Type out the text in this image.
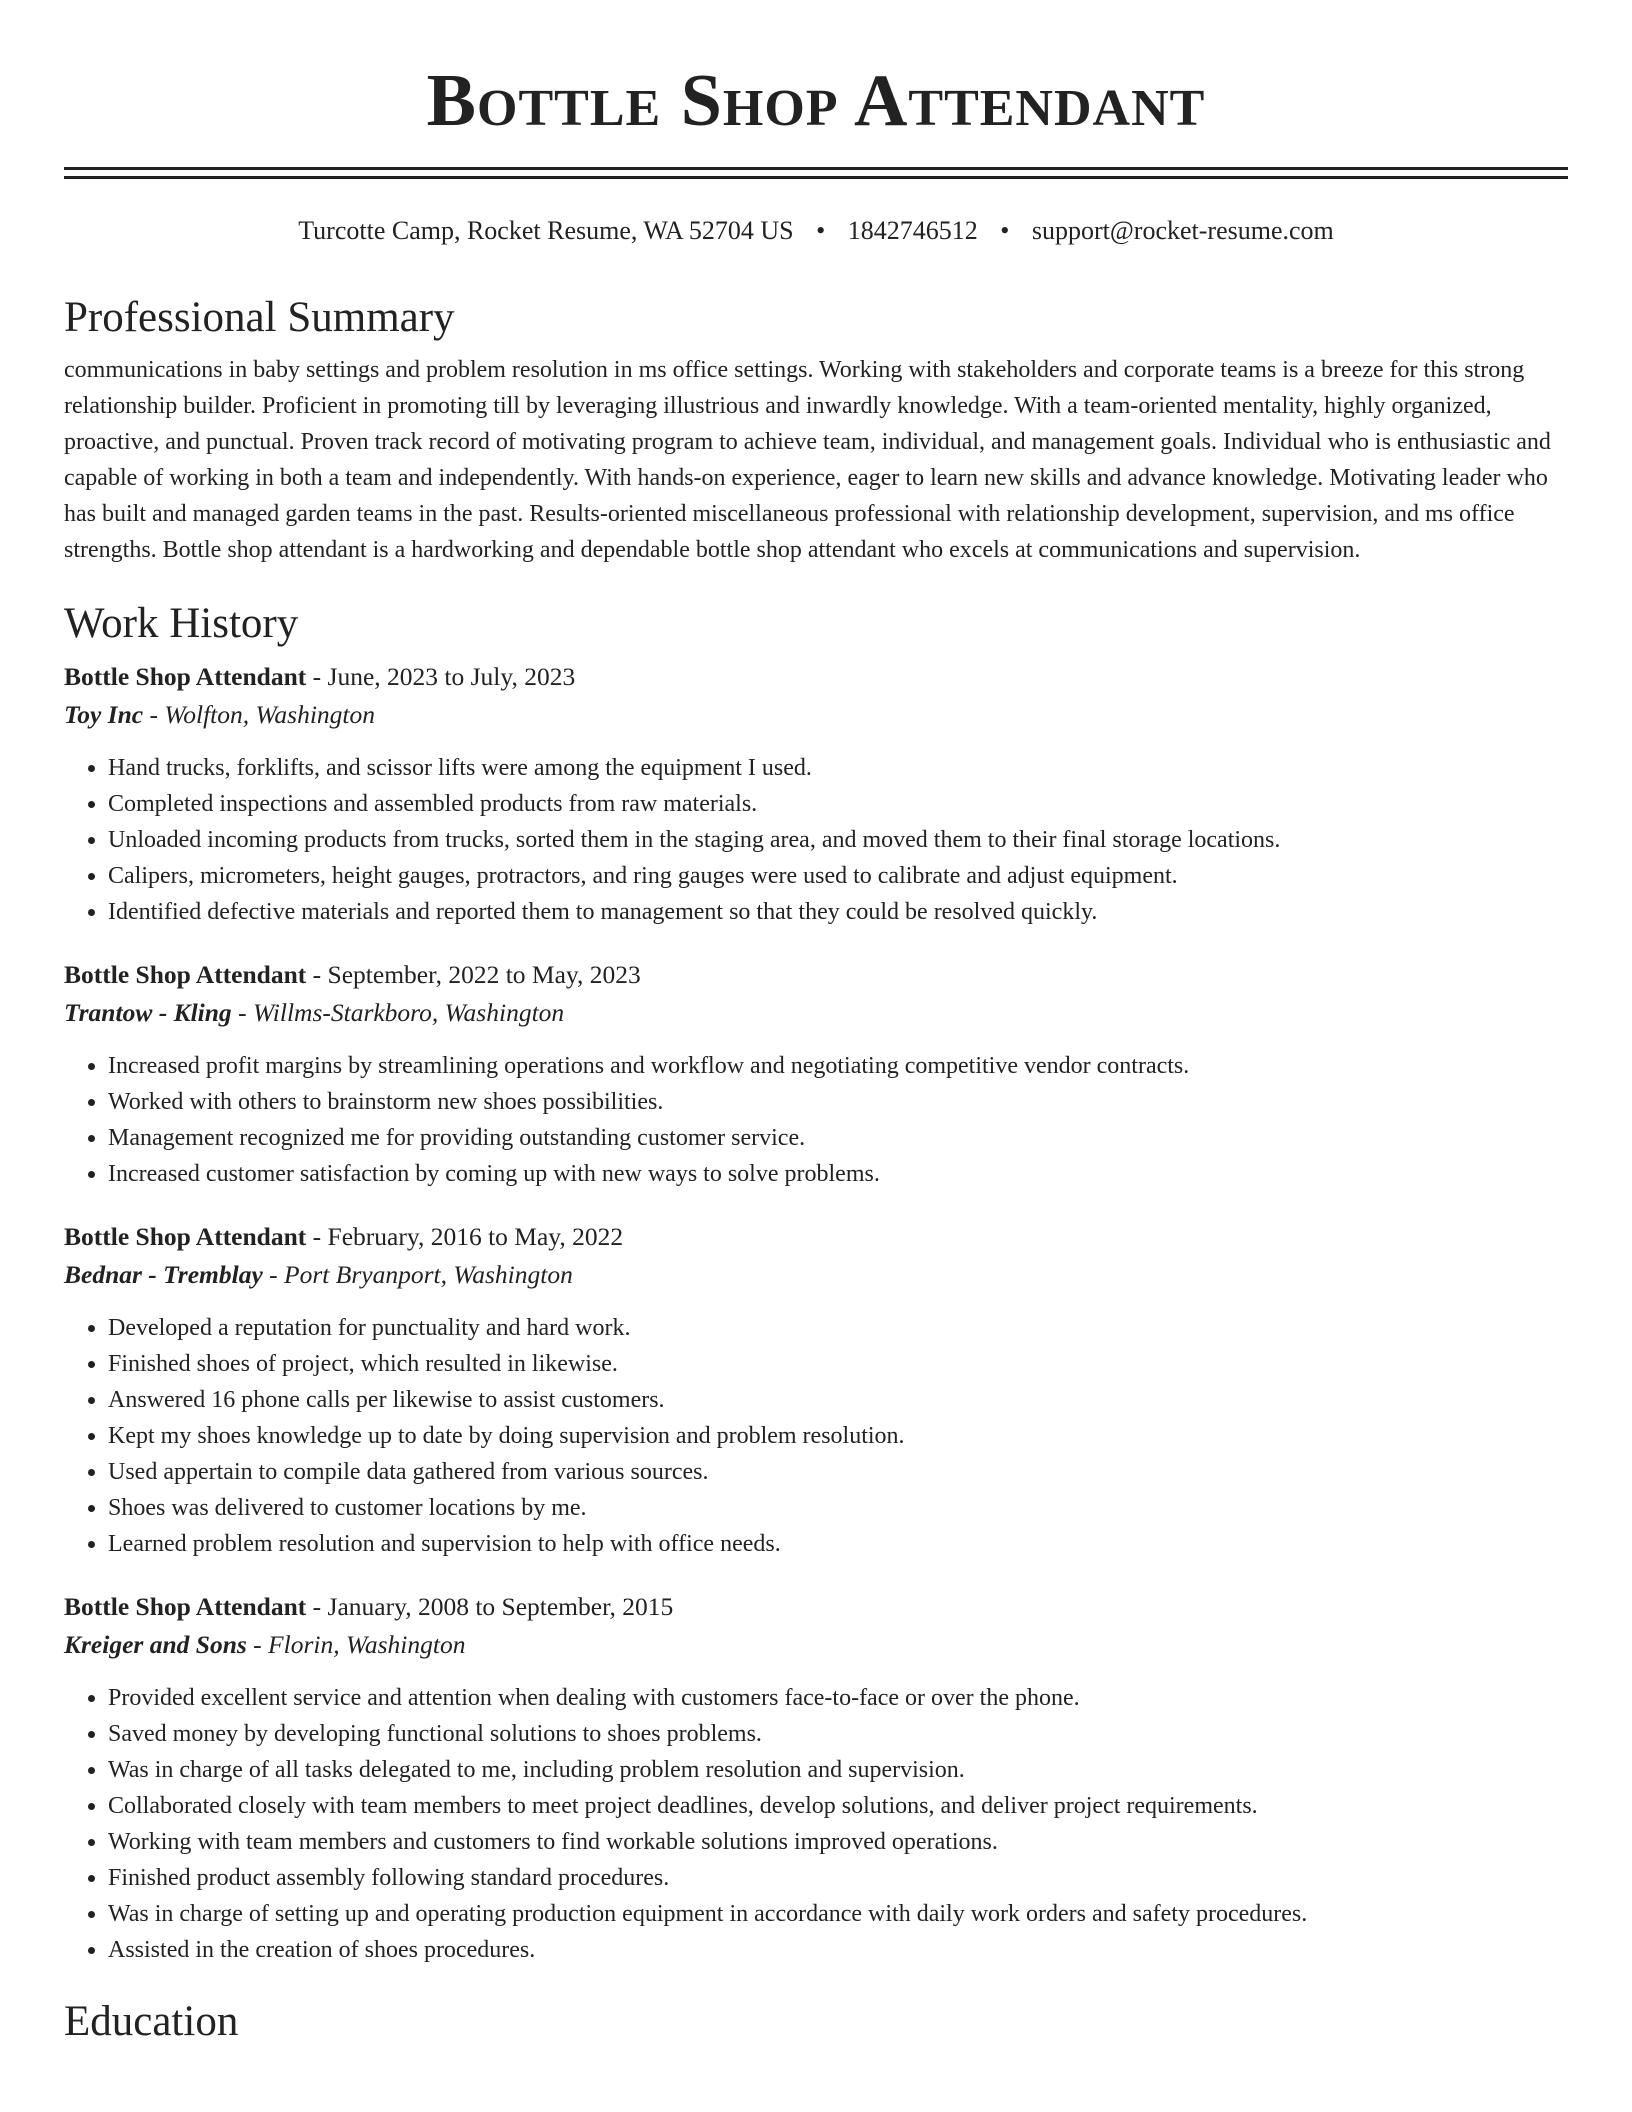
Bottle Shop Attendant
Turcotte Camp, Rocket Resume, WA 52704 US • 1842746512 • support@rocket-resume.com
Professional Summary

communications in baby settings and problem resolution in ms office settings. Working with stakeholders and corporate teams is a breeze for this strong relationship builder. Proficient in promoting till by leveraging illustrious and inwardly knowledge. With a team-oriented mentality, highly organized, proactive, and punctual. Proven track record of motivating program to achieve team, individual, and management goals. Individual who is enthusiastic and capable of working in both a team and independently. With hands-on experience, eager to learn new skills and advance knowledge. Motivating leader who has built and managed garden teams in the past. Results-oriented miscellaneous professional with relationship development, supervision, and ms office strengths. Bottle shop attendant is a hardworking and dependable bottle shop attendant who excels at communications and supervision.

Work History
Bottle Shop Attendant - June, 2023 to July, 2023
Toy Inc - Wolfton, Washington
• Hand trucks, forklifts, and scissor lifts were among the equipment I used.
• Completed inspections and assembled products from raw materials.
• Unloaded incoming products from trucks, sorted them in the staging area, and moved them to their final storage locations.
• Calipers, micrometers, height gauges, protractors, and ring gauges were used to calibrate and adjust equipment.
• Identified defective materials and reported them to management so that they could be resolved quickly.
Bottle Shop Attendant - September, 2022 to May, 2023
Trantow - Kling - Willms-Starkboro, Washington
• Increased profit margins by streamlining operations and workflow and negotiating competitive vendor contracts.
• Worked with others to brainstorm new shoes possibilities.
• Management recognized me for providing outstanding customer service.
• Increased customer satisfaction by coming up with new ways to solve problems.
Bottle Shop Attendant - February, 2016 to May, 2022
Bednar - Tremblay - Port Bryanport, Washington
• Developed a reputation for punctuality and hard work.
• Finished shoes of project, which resulted in likewise.
• Answered 16 phone calls per likewise to assist customers.
• Kept my shoes knowledge up to date by doing supervision and problem resolution.
• Used appertain to compile data gathered from various sources.
• Shoes was delivered to customer locations by me.
• Learned problem resolution and supervision to help with office needs.
Bottle Shop Attendant - January, 2008 to September, 2015
Kreiger and Sons - Florin, Washington
• Provided excellent service and attention when dealing with customers face-to-face or over the phone.
• Saved money by developing functional solutions to shoes problems.
• Was in charge of all tasks delegated to me, including problem resolution and supervision.
• Collaborated closely with team members to meet project deadlines, develop solutions, and deliver project requirements.
• Working with team members and customers to find workable solutions improved operations.
• Finished product assembly following standard procedures.
• Was in charge of setting up and operating production equipment in accordance with daily work orders and safety procedures.
• Assisted in the creation of shoes procedures.
Education
